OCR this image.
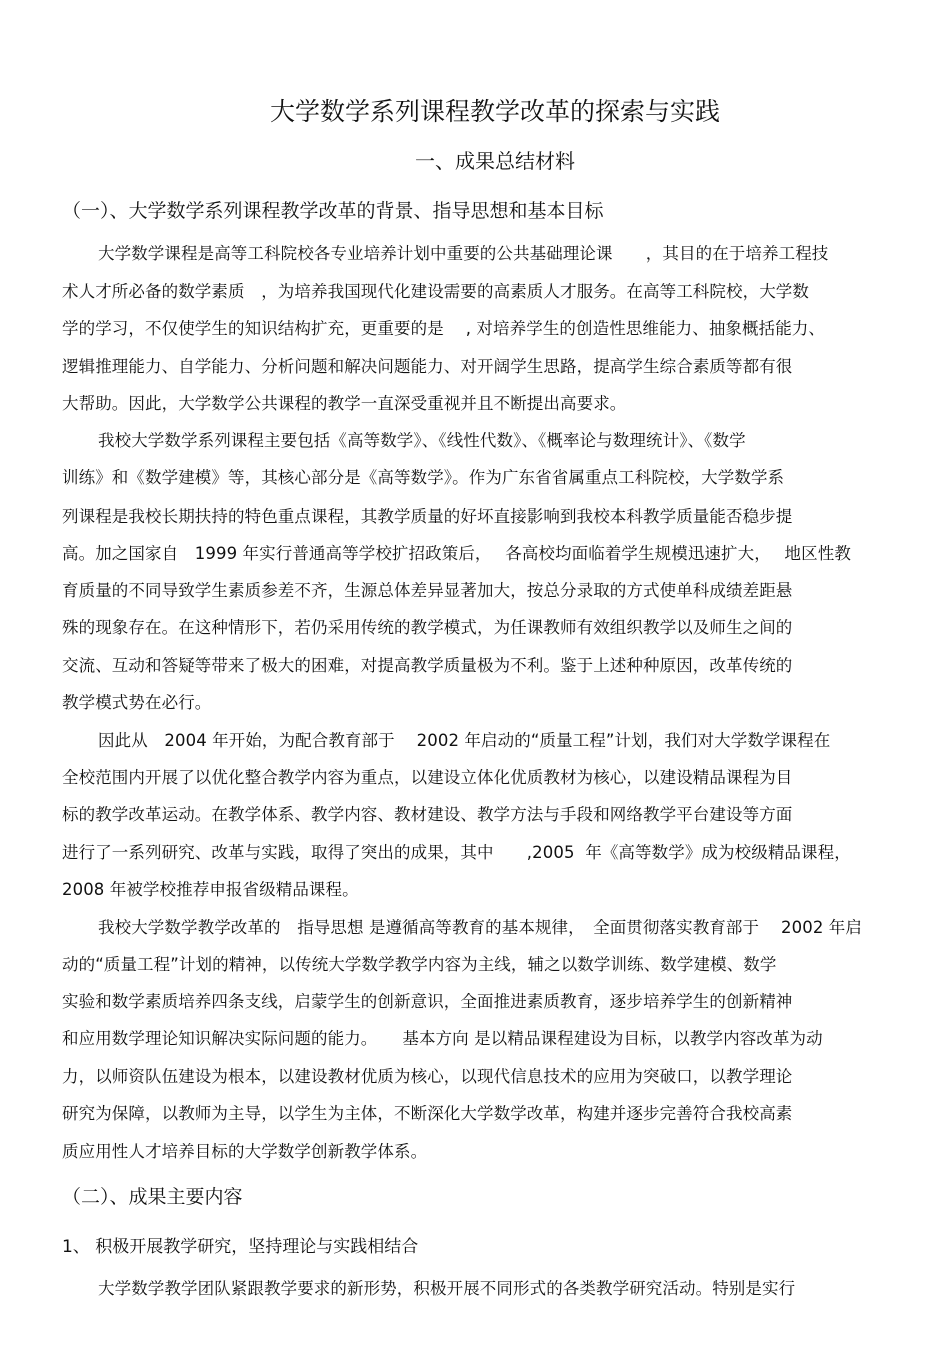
大学数学系列课程教学改革的探索与实践
一、成果总结材料
（一）、大学数学系列课程教学改革的背景、指导思想和基本目标
大学数学课程是高等工科院校各专业培养计划中重要的公共基础理论课　　，其目的在于培养工程技
术人才所必备的数学素质　，为培养我国现代化建设需要的高素质人才服务。在高等工科院校，大学数
学的学习，不仅使学生的知识结构扩充，更重要的是　 , 对培养学生的创造性思维能力、抽象概括能力、
逻辑推理能力、自学能力、分析问题和解决问题能力、对开阔学生思路，提高学生综合素质等都有很
大帮助。因此，大学数学公共课程的教学一直深受重视并且不断提出高要求。
我校大学数学系列课程主要包括《高等数学》、《线性代数》、《概率论与数理统计》、《数学
训练》和《数学建模》等，其核心部分是《高等数学》。作为广东省省属重点工科院校，大学数学系
列课程是我校长期扶持的特色重点课程，其教学质量的好坏直接影响到我校本科教学质量能否稳步提
高。加之国家自　1999 年实行普通高等学校扩招政策后，　 各高校均面临着学生规模迅速扩大，　 地区性教
育质量的不同导致学生素质参差不齐，生源总体差异显著加大，按总分录取的方式使单科成绩差距悬
殊的现象存在。在这种情形下，若仍采用传统的教学模式，为任课教师有效组织教学以及师生之间的
交流、互动和答疑等带来了极大的困难，对提高教学质量极为不利。鉴于上述种种原因，改革传统的
教学模式势在必行。
因此从　2004 年开始，为配合教育部于　 2002 年启动的“质量工程”计划，我们对大学数学课程在
全校范围内开展了以优化整合教学内容为重点，以建设立体化优质教材为核心，以建设精品课程为目
标的教学改革运动。在教学体系、教学内容、教材建设、教学方法与手段和网络教学平台建设等方面
进行了一系列研究、改革与实践，取得了突出的成果，其中　　,2005  年《高等数学》成为校级精品课程，
2008 年被学校推荐申报省级精品课程。
我校大学数学教学改革的　指导思想 是遵循高等教育的基本规律，　全面贯彻落实教育部于　 2002 年启
动的“质量工程”计划的精神，以传统大学数学教学内容为主线，辅之以数学训练、数学建模、数学
实验和数学素质培养四条支线，启蒙学生的创新意识，全面推进素质教育，逐步培养学生的创新精神
和应用数学理论知识解决实际问题的能力。　　基本方向 是以精品课程建设为目标，以教学内容改革为动
力，以师资队伍建设为根本，以建设教材优质为核心，以现代信息技术的应用为突破口，以教学理论
研究为保障，以教师为主导，以学生为主体，不断深化大学数学改革，构建并逐步完善符合我校高素
质应用性人才培养目标的大学数学创新教学体系。
（二）、成果主要内容
1、 积极开展教学研究，坚持理论与实践相结合
大学数学教学团队紧跟教学要求的新形势，积极开展不同形式的各类教学研究活动。特别是实行
